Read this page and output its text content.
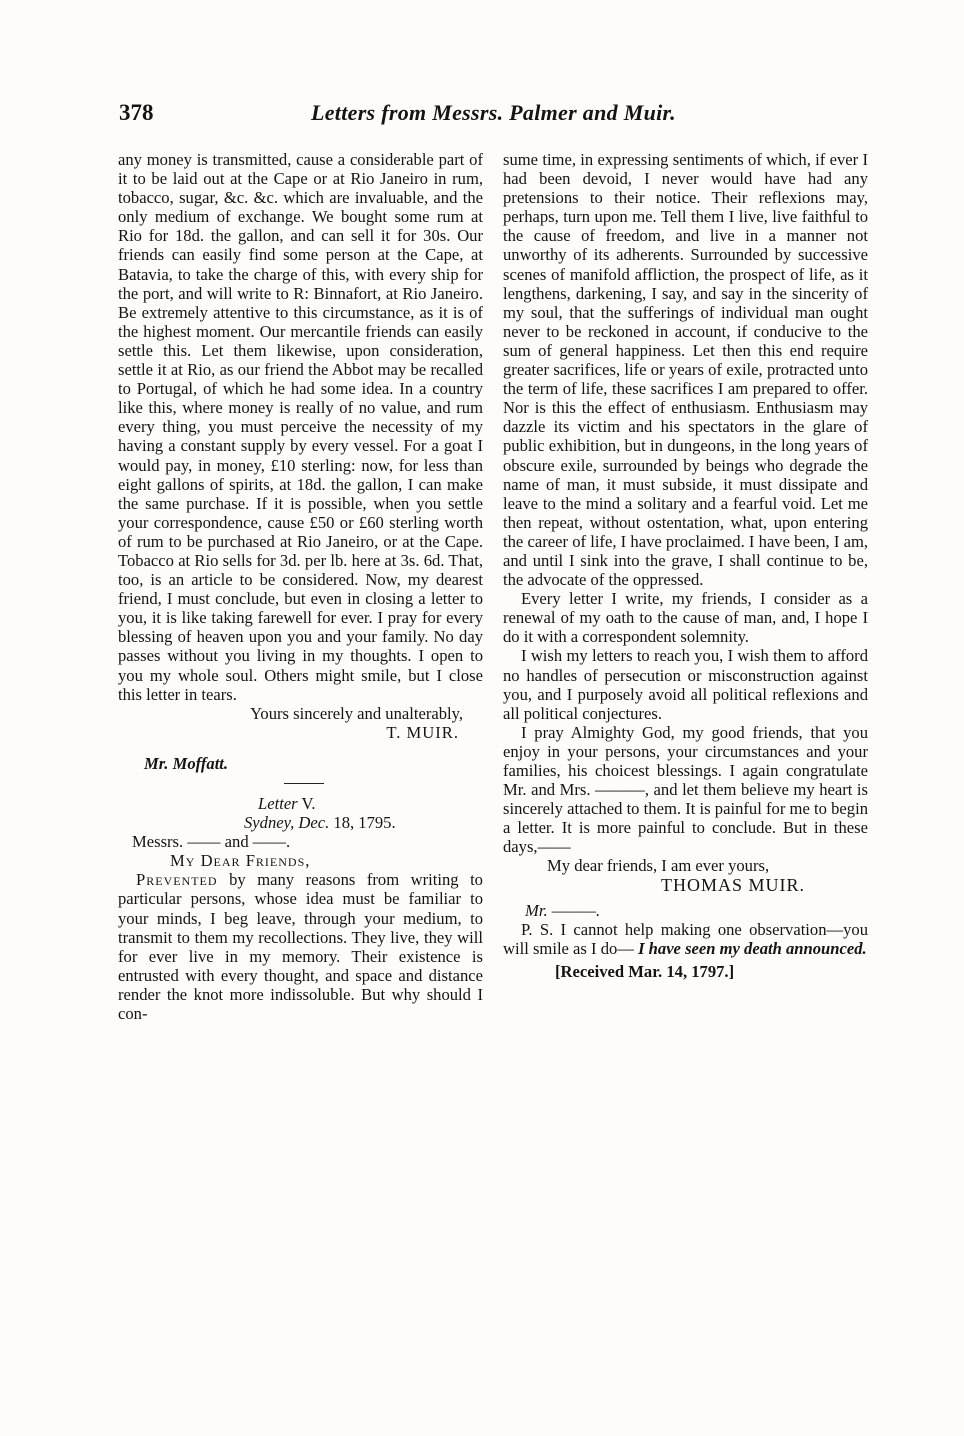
378	Letters from Messrs. Palmer and Muir.

any money is transmitted, cause a considerable part of it to be laid out at the Cape or at Rio Janeiro in rum, tobacco, sugar, &c. &c. which are invaluable, and the only medium of exchange. We bought some rum at Rio for 18d. the gallon, and can sell it for 30s. Our friends can easily find some person at the Cape, at Batavia, to take the charge of this, with every ship for the port, and will write to R: Binnafort, at Rio Janeiro. Be extremely attentive to this circumstance, as it is of the highest moment. Our mercantile friends can easily settle this. Let them likewise, upon consideration, settle it at Rio, as our friend the Abbot may be recalled to Portugal, of which he had some idea. In a country like this, where money is really of no value, and rum every thing, you must perceive the necessity of my having a constant supply by every vessel. For a goat I would pay, in money, £10 sterling: now, for less than eight gallons of spirits, at 18d. the gallon, I can make the same purchase. If it is possible, when you settle your correspondence, cause £50 or £60 sterling worth of rum to be purchased at Rio Janeiro, or at the Cape. Tobacco at Rio sells for 3d. per lb. here at 3s. 6d. That, too, is an article to be considered. Now, my dearest friend, I must conclude, but even in closing a letter to you, it is like taking farewell for ever. I pray for every blessing of heaven upon you and your family. No day passes without you living in my thoughts. I open to you my whole soul. Others might smile, but I close this letter in tears.

Yours sincerely and unalterably,

T. MUIR.

Mr. Moffatt.

Letter V.

Sydney, Dec. 18, 1795.

Messrs. —— and ——.

My Dear Friends,

Prevented by many reasons from writing to particular persons, whose idea must be familiar to your minds, I beg leave, through your medium, to transmit to them my recollections. They live, they will for ever live in my memory. Their existence is entrusted with every thought, and space and distance render the knot more indissoluble. But why should I con-

sume time, in expressing sentiments of which, if ever I had been devoid, I never would have had any pretensions to their notice. Their reflexions may, perhaps, turn upon me. Tell them I live, live faithful to the cause of freedom, and live in a manner not unworthy of its adherents. Surrounded by successive scenes of manifold affliction, the prospect of life, as it lengthens, darkening, I say, and say in the sincerity of my soul, that the sufferings of individual man ought never to be reckoned in account, if conducive to the sum of general happiness. Let then this end require greater sacrifices, life or years of exile, protracted unto the term of life, these sacrifices I am prepared to offer. Nor is this the effect of enthusiasm. Enthusiasm may dazzle its victim and his spectators in the glare of public exhibition, but in dungeons, in the long years of obscure exile, surrounded by beings who degrade the name of man, it must subside, it must dissipate and leave to the mind a solitary and a fearful void. Let me then repeat, without ostentation, what, upon entering the career of life, I have proclaimed. I have been, I am, and until I sink into the grave, I shall continue to be, the advocate of the oppressed.

Every letter I write, my friends, I consider as a renewal of my oath to the cause of man, and, I hope I do it with a correspondent solemnity.

I wish my letters to reach you, I wish them to afford no handles of persecution or misconstruction against you, and I purposely avoid all political reflexions and all political conjectures.

I pray Almighty God, my good friends, that you enjoy in your persons, your circumstances and your families, his choicest blessings. I again congratulate Mr. and Mrs. ———, and let them believe my heart is sincerely attached to them. It is painful for me to begin a letter. It is more painful to conclude. But in these days,——

My dear friends, I am ever yours,

THOMAS MUIR.

Mr. ———.

P. S. I cannot help making one observation—you will smile as I do— I have seen my death announced.

[Received Mar. 14, 1797.]
